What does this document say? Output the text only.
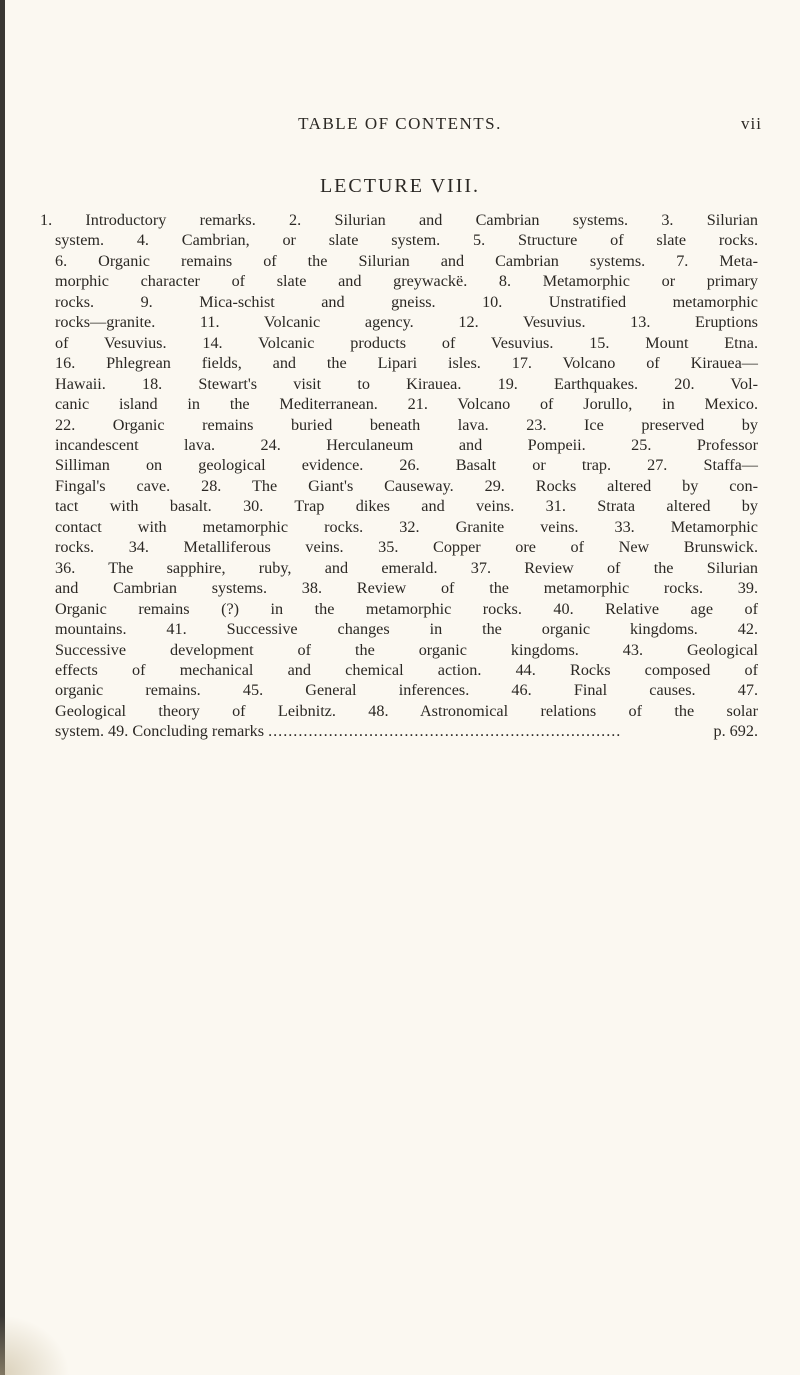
TABLE OF CONTENTS.	vii
LECTURE VIII.
1. Introductory remarks. 2. Silurian and Cambrian systems. 3. Silurian
system. 4. Cambrian, or slate system. 5. Structure of slate rocks.
6. Organic remains of the Silurian and Cambrian systems. 7. Meta-
morphic character of slate and greywackë. 8. Metamorphic or primary
rocks. 9. Mica-schist and gneiss. 10. Unstratified metamorphic
rocks—granite. 11. Volcanic agency. 12. Vesuvius. 13. Eruptions
of Vesuvius. 14. Volcanic products of Vesuvius. 15. Mount Etna.
16. Phlegrean fields, and the Lipari isles. 17. Volcano of Kirauea—
Hawaii. 18. Stewart's visit to Kirauea. 19. Earthquakes. 20. Vol-
canic island in the Mediterranean. 21. Volcano of Jorullo, in Mexico.
22. Organic remains buried beneath lava. 23. Ice preserved by
incandescent lava. 24. Herculaneum and Pompeii. 25. Professor
Silliman on geological evidence. 26. Basalt or trap. 27. Staffa—
Fingal's cave. 28. The Giant's Causeway. 29. Rocks altered by con-
tact with basalt. 30. Trap dikes and veins. 31. Strata altered by
contact with metamorphic rocks. 32. Granite veins. 33. Metamorphic
rocks. 34. Metalliferous veins. 35. Copper ore of New Brunswick.
36. The sapphire, ruby, and emerald. 37. Review of the Silurian
and Cambrian systems. 38. Review of the metamorphic rocks. 39.
Organic remains (?) in the metamorphic rocks. 40. Relative age of
mountains. 41. Successive changes in the organic kingdoms. 42.
Successive development of the organic kingdoms. 43. Geological
effects of mechanical and chemical action. 44. Rocks composed of
organic remains. 45. General inferences. 46. Final causes. 47.
Geological theory of Leibnitz. 48. Astronomical relations of the solar
system. 49. Concluding remarks ......................................................................	p. 692.
